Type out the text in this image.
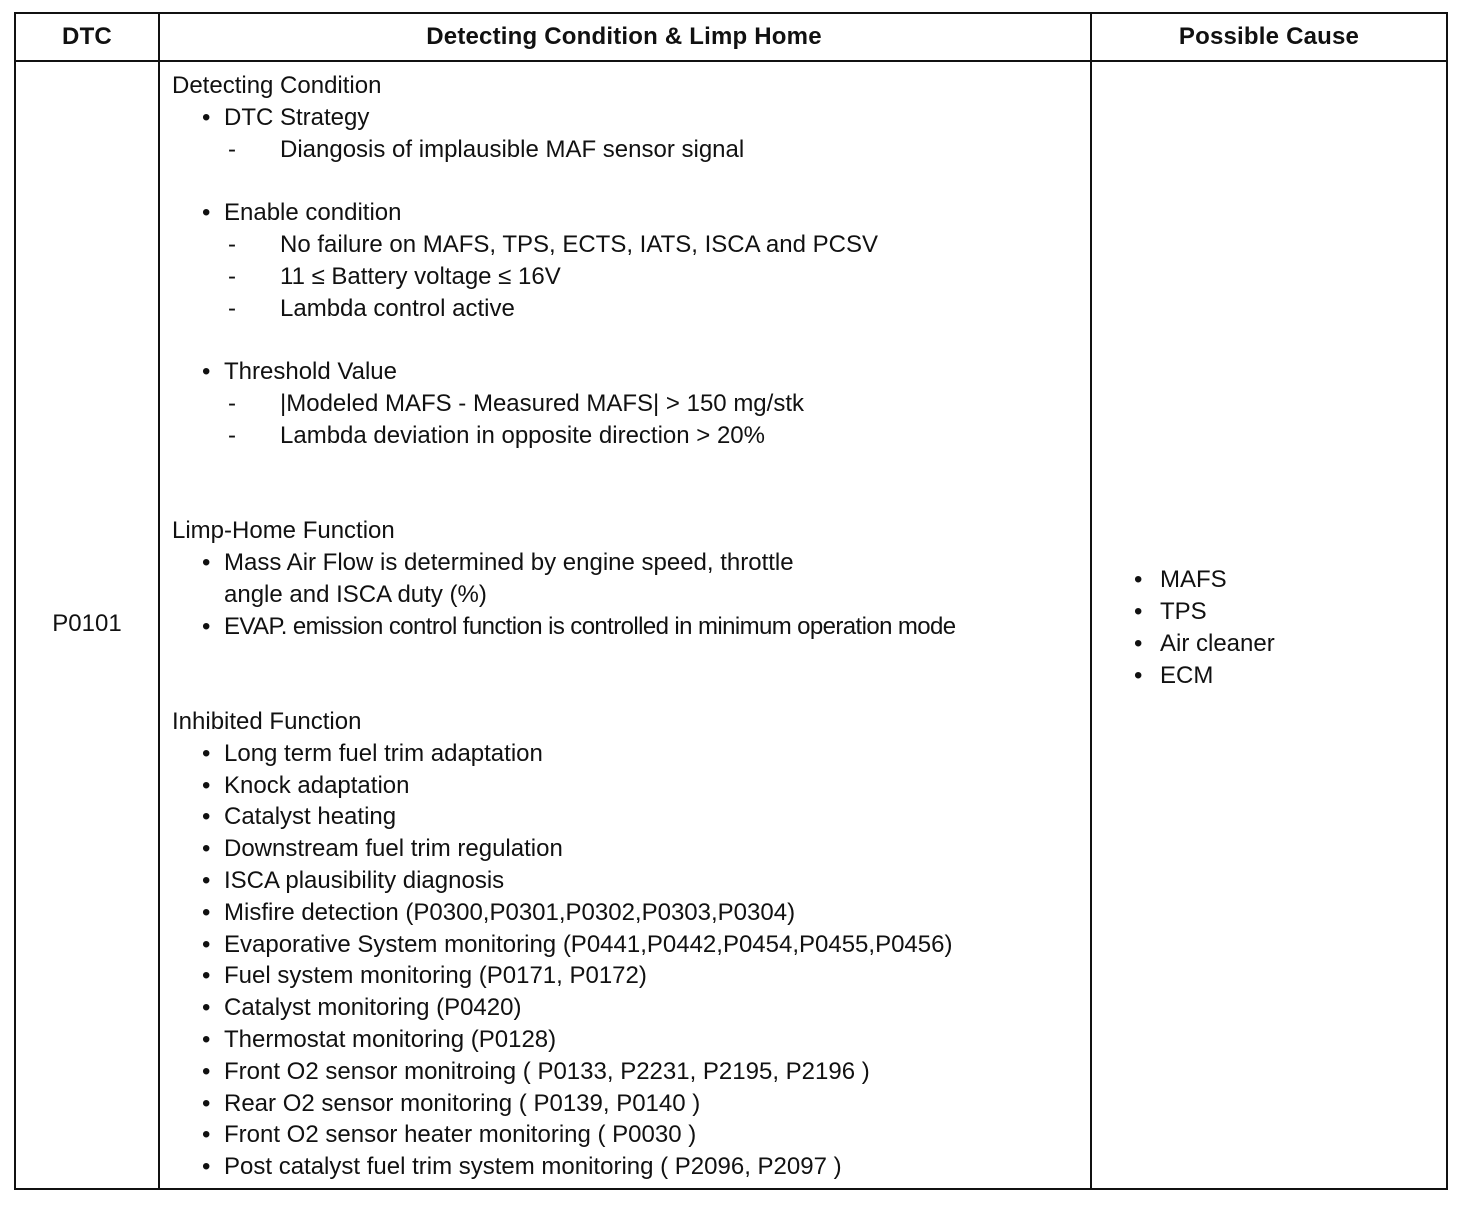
DTC	Detecting Condition & Limp Home	Possible Cause
P0101
Detecting Condition
• DTC Strategy
- Diangosis of implausible MAF sensor signal
• Enable condition
- No failure on MAFS, TPS, ECTS, IATS, ISCA and PCSV
- 11 ≤ Battery voltage ≤ 16V
- Lambda control active
• Threshold Value
- |Modeled MAFS - Measured MAFS| > 150 mg/stk
- Lambda deviation in opposite direction > 20%
Limp-Home Function
• Mass Air Flow is determined by engine speed, throttle
angle and ISCA duty (%)
• EVAP. emission control function is controlled in minimum operation mode
Inhibited Function
• Long term fuel trim adaptation
• Knock adaptation
• Catalyst heating
• Downstream fuel trim regulation
• ISCA plausibility diagnosis
• Misfire detection (P0300,P0301,P0302,P0303,P0304)
• Evaporative System monitoring (P0441,P0442,P0454,P0455,P0456)
• Fuel system monitoring (P0171, P0172)
• Catalyst monitoring (P0420)
• Thermostat monitoring (P0128)
• Front O2 sensor monitroing ( P0133, P2231, P2195, P2196 )
• Rear O2 sensor monitoring ( P0139, P0140 )
• Front O2 sensor heater monitoring ( P0030 )
• Post catalyst fuel trim system monitoring ( P2096, P2097 )
• MAFS
• TPS
• Air cleaner
• ECM
